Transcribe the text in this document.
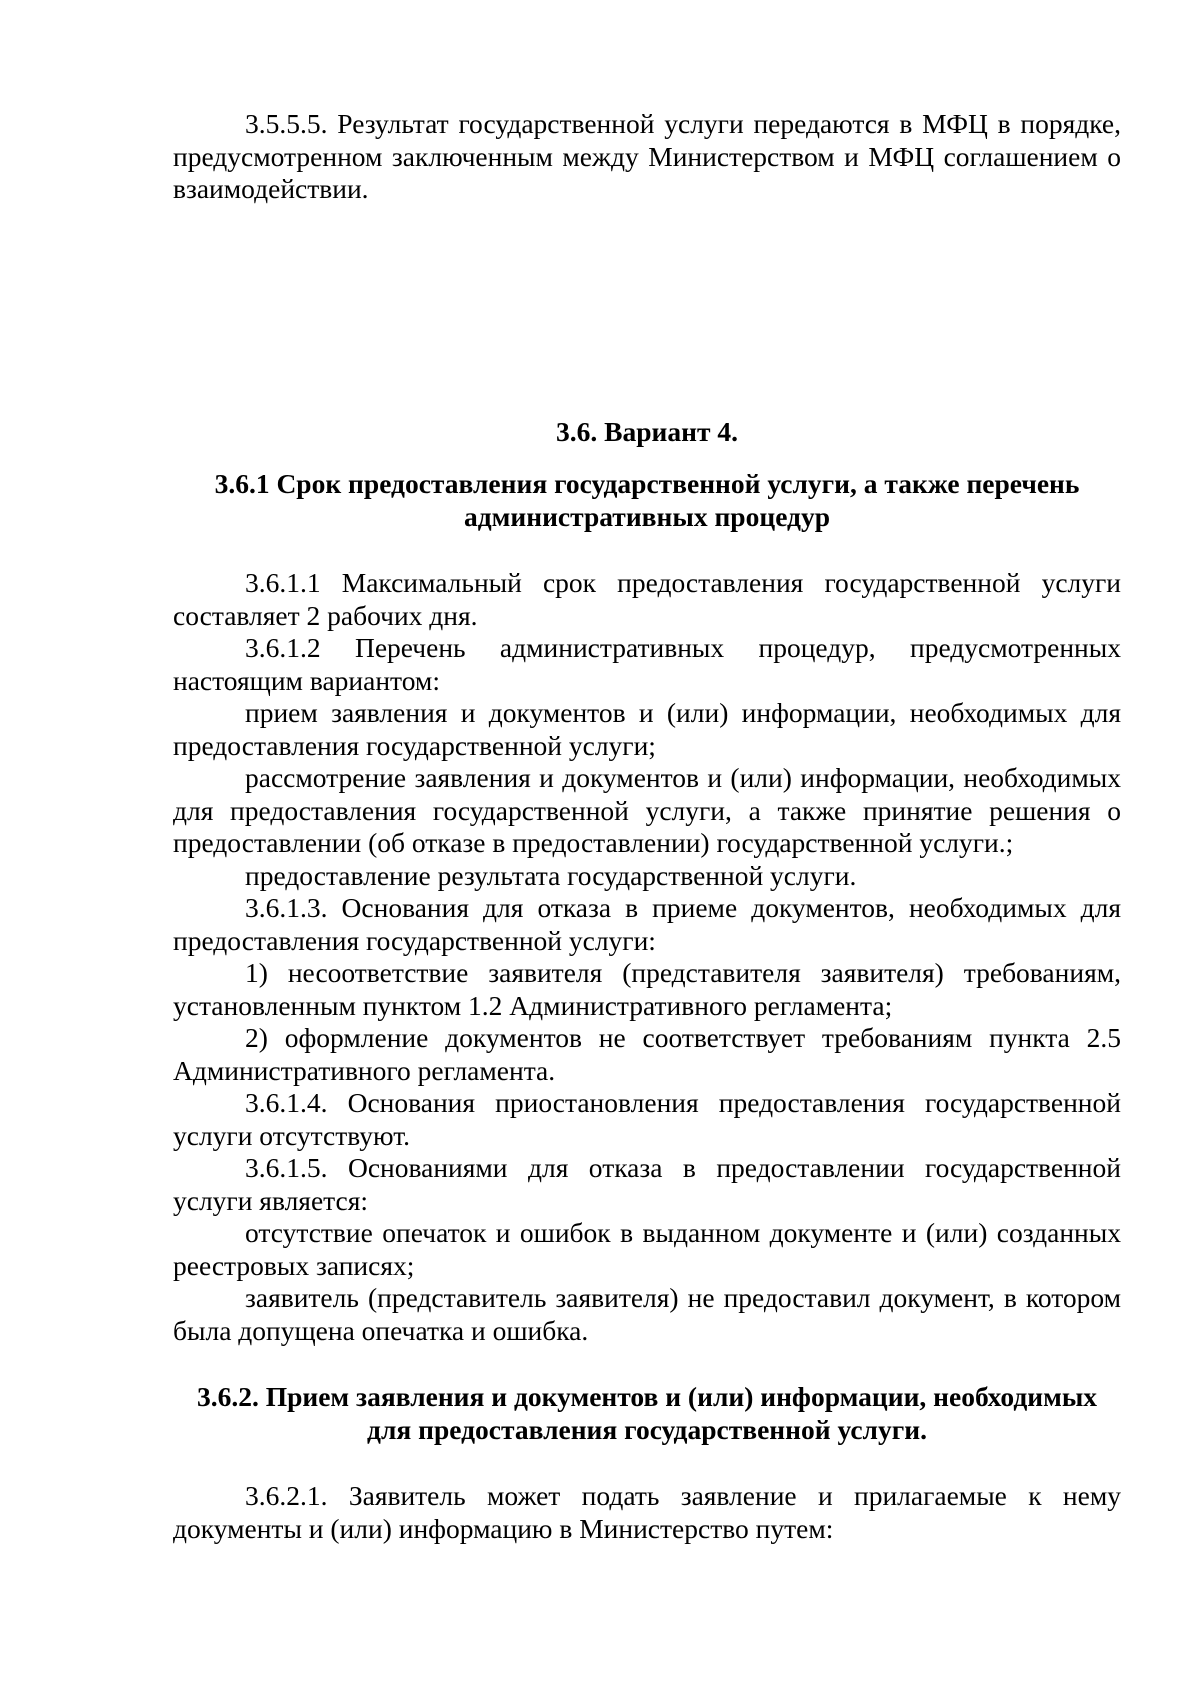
3.5.5.5. Результат государственной услуги передаются в МФЦ в порядке, предусмотренном заключенным между Министерством и МФЦ соглашением о взаимодействии.

3.6. Вариант 4.
3.6.1 Срок предоставления государственной услуги, а также перечень административных процедур

3.6.1.1 Максимальный срок предоставления государственной услуги составляет 2 рабочих дня.

3.6.1.2 Перечень административных процедур, предусмотренных настоящим вариантом:

прием заявления и документов и (или) информации, необходимых для предоставления государственной услуги;

рассмотрение заявления и документов и (или) информации, необходимых для предоставления государственной услуги, а также принятие решения о предоставлении (об отказе в предоставлении) государственной услуги.;

предоставление результата государственной услуги.

3.6.1.3. Основания для отказа в приеме документов, необходимых для предоставления государственной услуги:

1) несоответствие заявителя (представителя заявителя) требованиям, установленным пунктом 1.2 Административного регламента;

2) оформление документов не соответствует требованиям пункта 2.5 Административного регламента.

3.6.1.4. Основания приостановления предоставления государственной услуги отсутствуют.

3.6.1.5. Основаниями для отказа в предоставлении государственной услуги является:

отсутствие опечаток и ошибок в выданном документе и (или) созданных реестровых записях;

заявитель (представитель заявителя) не предоставил документ, в котором была допущена опечатка и ошибка.

3.6.2. Прием заявления и документов и (или) информации, необходимых для предоставления государственной услуги.

3.6.2.1. Заявитель может подать заявление и прилагаемые к нему документы и (или) информацию в Министерство путем:
